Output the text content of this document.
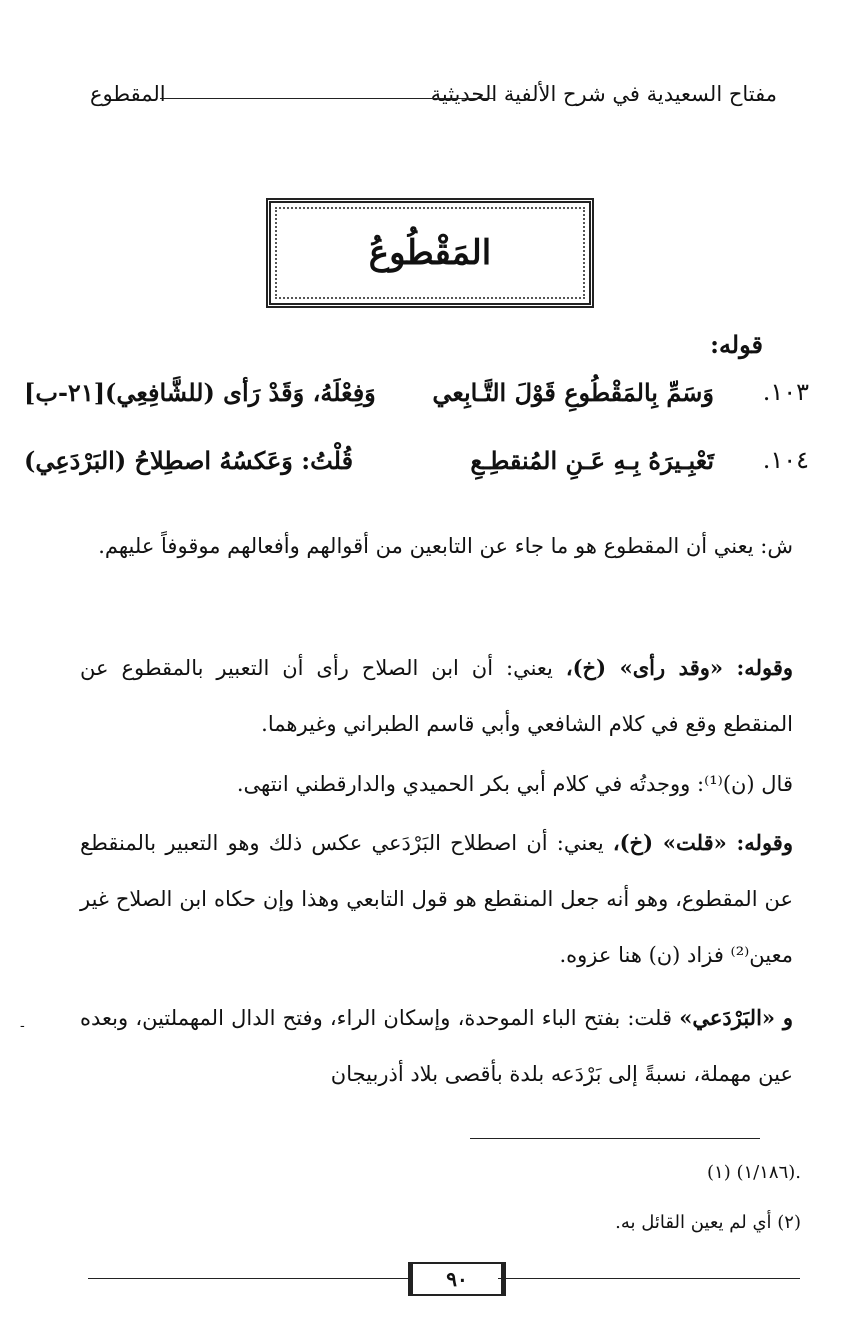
مفتاح السعيدية في شرح الألفية الحديثية
المقطوع
المَقْطُوعُ
قوله:
١٠٣.
وَسَمِّ بِالمَقْطُوعِ قَوْلَ التَّـابِعي
وَفِعْلَهُ، وَقَدْ رَأى (للشَّافِعِي)[٢١-ب]
١٠٤.
تَعْبِـيرَهُ بِـهِ عَـنِ المُنقطِـعِ
قُلْتُ: وَعَكسُهُ اصطِلاحُ (البَرْدَعِي)
ش: يعني أن المقطوع هو ما جاء عن التابعين من أقوالهم وأفعالهم موقوفاً عليهم.
وقوله: «وقد رأى» (خ)، يعني: أن ابن الصلاح رأى أن التعبير بالمقطوع عن المنقطع وقع في كلام الشافعي وأبي قاسم الطبراني وغيرهما.
قال (ن)⁽¹⁾: ووجدتُه في كلام أبي بكر الحميدي والدارقطني انتهى.
وقوله: «قلت» (خ)، يعني: أن اصطلاح البَرْدَعي عكس ذلك وهو التعبير بالمنقطع عن المقطوع، وهو أنه جعل المنقطع هو قول التابعي وهذا وإن حكاه ابن الصلاح غير معين⁽²⁾ فزاد (ن) هنا عزوه.
و «البَرْدَعي» قلت: بفتح الباء الموحدة، وإسكان الراء، وفتح الدال المهملتين، وبعده عين مهملة، نسبةً إلى بَرْدَعه بلدة بأقصى بلاد أذربيجان
-
(١) (١/١٨٦).
(٢) أي لم يعين القائل به.
٩٠
